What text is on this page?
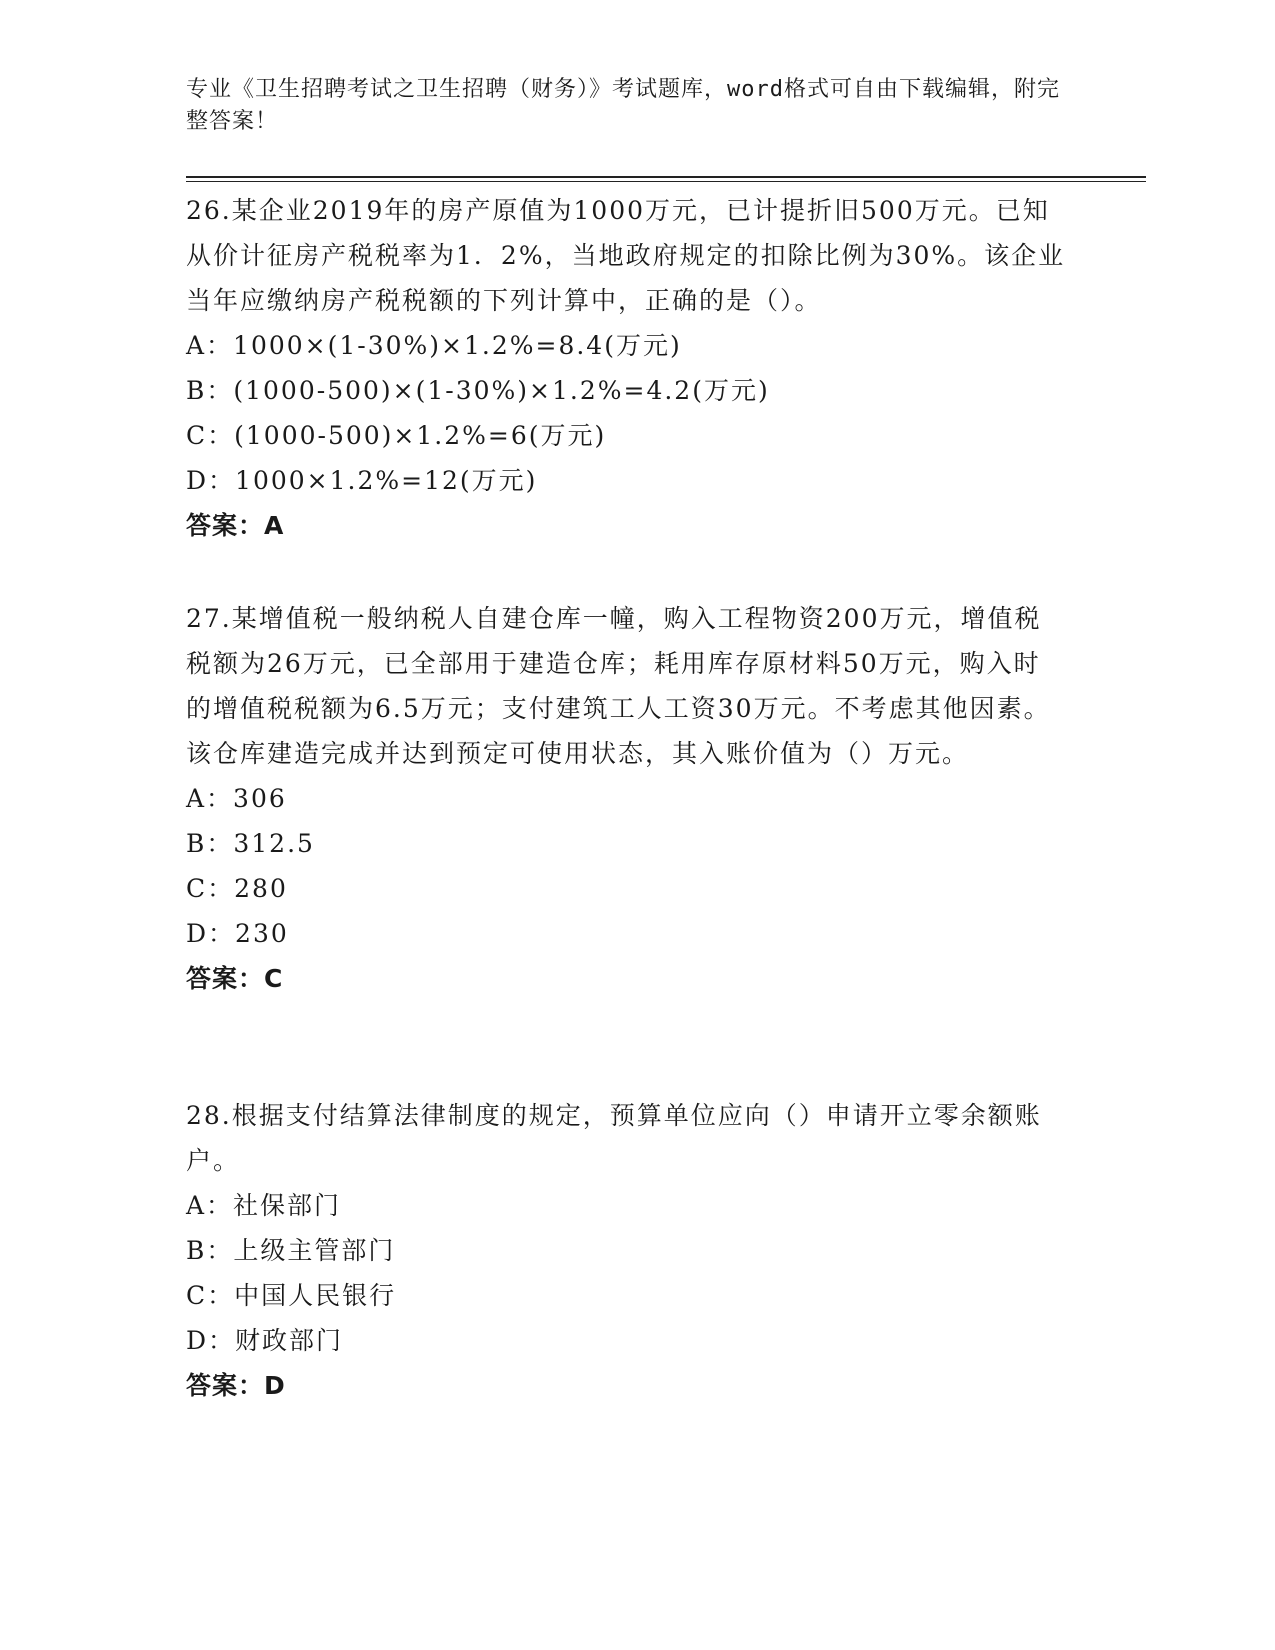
专业《卫生招聘考试之卫生招聘（财务）》考试题库，word格式可自由下载编辑，附完整答案！
26.某企业2019年的房产原值为1000万元，已计提折旧500万元。已知从价计征房产税税率为1．2%，当地政府规定的扣除比例为30%。该企业当年应缴纳房产税税额的下列计算中，正确的是（）。
A：1000×(1-30%)×1.2%=8.4(万元)
B：(1000-500)×(1-30%)×1.2%=4.2(万元)
C：(1000-500)×1.2%=6(万元)
D：1000×1.2%=12(万元)
答案：A
27.某增值税一般纳税人自建仓库一幢，购入工程物资200万元，增值税税额为26万元，已全部用于建造仓库；耗用库存原材料50万元，购入时的增值税税额为6.5万元；支付建筑工人工资30万元。不考虑其他因素。该仓库建造完成并达到预定可使用状态，其入账价值为（）万元。
A：306
B：312.5
C：280
D：230
答案：C
28.根据支付结算法律制度的规定，预算单位应向（）申请开立零余额账户。
A：社保部门
B：上级主管部门
C：中国人民银行
D：财政部门
答案：D
